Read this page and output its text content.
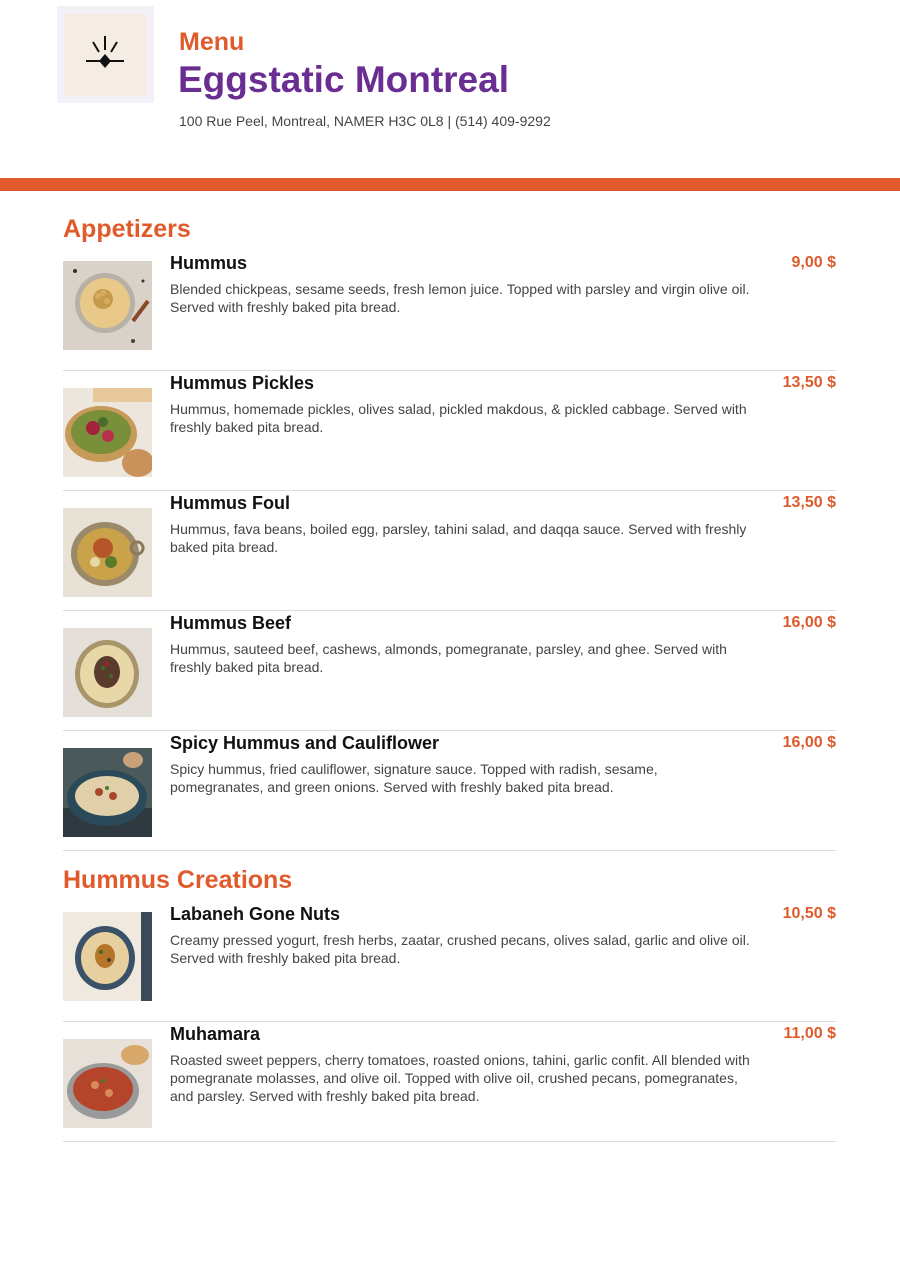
Menu
Eggstatic Montreal
100 Rue Peel, Montreal, NAMER H3C 0L8 | (514) 409-9292
Appetizers
Hummus
Blended chickpeas, sesame seeds, fresh lemon juice. Topped with parsley and virgin olive oil. Served with freshly baked pita bread.
9,00 $
Hummus Pickles
Hummus, homemade pickles, olives salad, pickled makdous, & pickled cabbage. Served with freshly baked pita bread.
13,50 $
Hummus Foul
Hummus, fava beans, boiled egg, parsley, tahini salad, and daqqa sauce. Served with freshly baked pita bread.
13,50 $
Hummus Beef
Hummus, sauteed beef, cashews, almonds, pomegranate, parsley, and ghee. Served with freshly baked pita bread.
16,00 $
Spicy Hummus and Cauliflower
Spicy hummus, fried cauliflower, signature sauce. Topped with radish, sesame, pomegranates, and green onions. Served with freshly baked pita bread.
16,00 $
Hummus Creations
Labaneh Gone Nuts
Creamy pressed yogurt, fresh herbs, zaatar, crushed pecans, olives salad, garlic and olive oil. Served with freshly baked pita bread.
10,50 $
Muhamara
Roasted sweet peppers, cherry tomatoes, roasted onions, tahini, garlic confit. All blended with pomegranate molasses, and olive oil. Topped with olive oil, crushed pecans, pomegranates, and parsley. Served with freshly baked pita bread.
11,00 $
